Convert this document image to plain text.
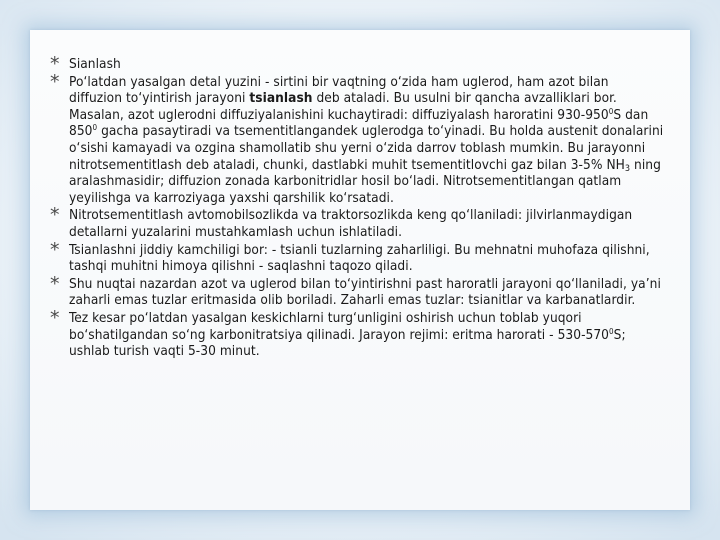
* Sianlash
* Po‘latdan yasalgan detal yuzini - sirtini bir vaqtning o‘zida ham uglerod, ham azot bilan diffuzion to‘yintirish jarayoni tsianlash deb ataladi. Bu usulni bir qancha avzalliklari bor. Masalan, azot uglerodni diffuziyalanishini kuchaytiradi: diffuziyalash haroratini $930-950^0S$ dan $850^0$ gacha pasaytiradi va tsementitlangandek uglerodga to‘yinadi. Bu holda austenit donalarini o‘sishi kamayadi va ozgina shamollatib shu yerni o‘zida darrov toblash mumkin. Bu jarayonni nitrotsementitlash deb ataladi, chunki, dastlabki muhit tsementitlovchi gaz bilan 3-5% $NH_3$ ning aralashmasidir; diffuzion zonada karbonitridlar hosil bo‘ladi. Nitrotsementitlangan qatlam yeyilishga va karroziyaga yaxshi qarshilik ko‘rsatadi.
* Nitrotsementitlash avtomobilsozlikda va traktorsozlikda keng qo‘llaniladi: jilvirlanmaydigan detallarni yuzalarini mustahkamlash uchun ishlatiladi.
* Tsianlashni jiddiy kamchiligi bor: - tsianli tuzlarning zaharliligi. Bu mehnatni muhofaza qilishni, tashqi muhitni himoya qilishni - saqlashni taqozo qiladi.
* Shu nuqtai nazardan azot va uglerod bilan to‘yintirishni past haroratli jarayoni qo‘llaniladi, ya’ni zaharli emas tuzlar eritmasida olib boriladi. Zaharli emas tuzlar: tsianitlar va karbanatlardir.
* Tez kesar po‘latdan yasalgan keskichlarni turg‘unligini oshirish uchun toblab yuqori bo‘shatilgandan so‘ng karbonitratsiya qilinadi. Jarayon rejimi: eritma harorati - $530-570^0S$; ushlab turish vaqti 5-30 minut.
